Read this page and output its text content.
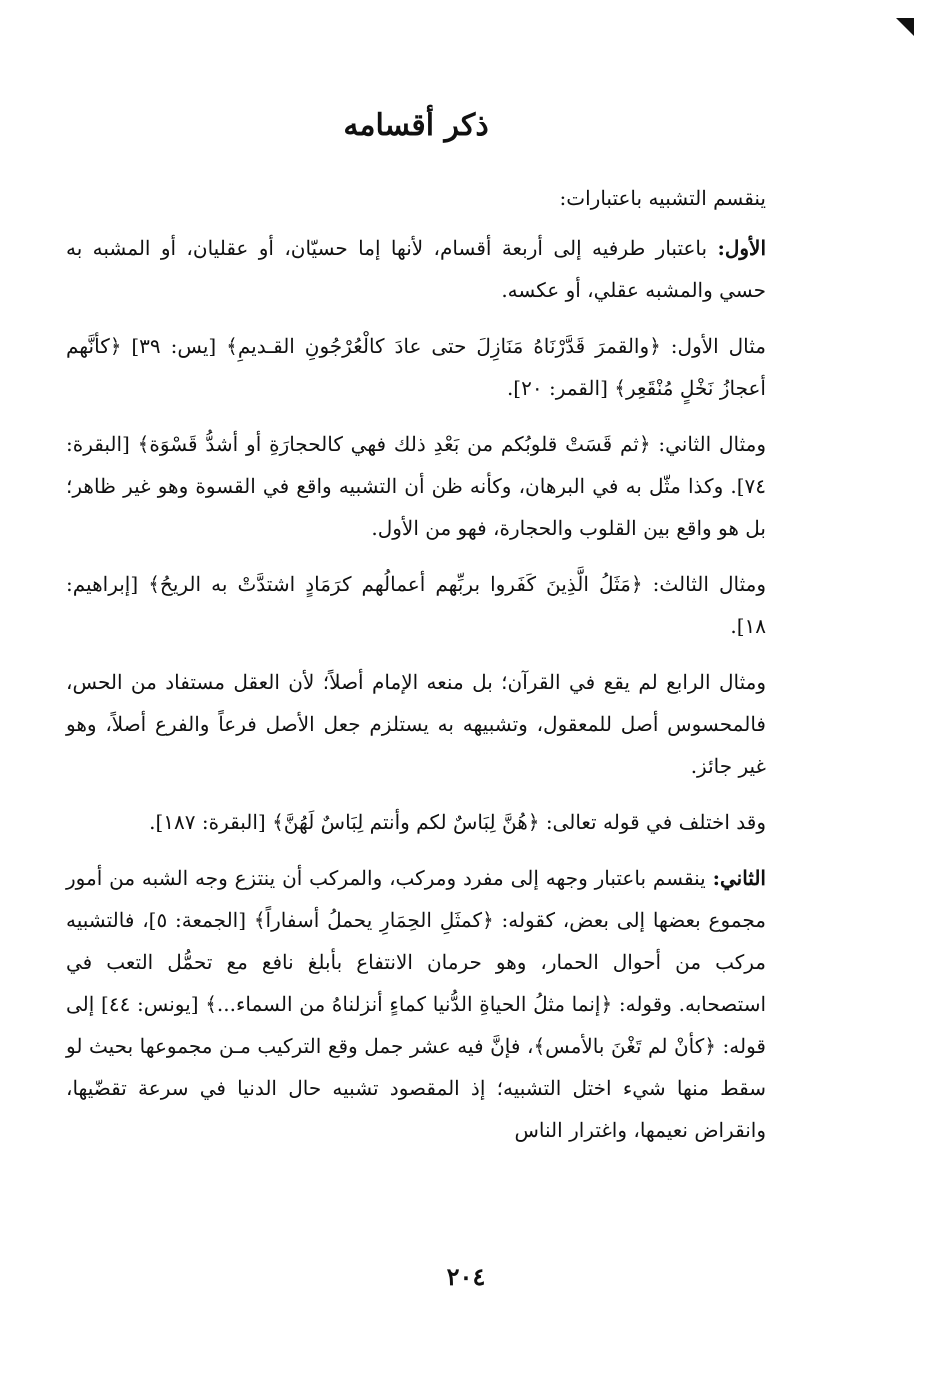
ذكر أقسامه

ينقسم التشبيه باعتبارات:

الأول: باعتبار طرفيه إلى أربعة أقسام، لأنها إما حسيّان، أو عقليان، أو المشبه به حسي والمشبه عقلي، أو عكسه.

مثال الأول: ﴿والقمرَ قَدَّرْنَاهُ مَنَازِلَ حتى عادَ كالْعُرْجُونِ القـديمِ﴾ [يس: ٣٩] ﴿كأنَّهم أعجازُ نَخْلٍ مُنْقَعِر﴾ [القمر: ٢٠].

ومثال الثاني: ﴿ثم قَسَتْ قلوبُكم من بَعْدِ ذلك فهي كالحجارَةِ أو أشدُّ قَسْوَة﴾ [البقرة: ٧٤]. وكذا مثّل به في البرهان، وكأنه ظن أن التشبيه واقع في القسوة وهو غير ظاهر؛ بل هو واقع بين القلوب والحجارة، فهو من الأول.

ومثال الثالث: ﴿مَثَلُ الَّذِينَ كَفَروا بربِّهم أعمالُهم كرَمَادٍ اشتدَّتْ به الريحُ﴾ [إبراهيم: ١٨].

ومثال الرابع لم يقع في القرآن؛ بل منعه الإمام أصلاً؛ لأن العقل مستفاد من الحس، فالمحسوس أصل للمعقول، وتشبيهه به يستلزم جعل الأصل فرعاً والفرع أصلاً، وهو غير جائز.

وقد اختلف في قوله تعالى: ﴿هُنَّ لِبَاسٌ لكم وأنتم لِبَاسٌ لَهُنَّ﴾ [البقرة: ١٨٧].

الثاني: ينقسم باعتبار وجهه إلى مفرد ومركب، والمركب أن ينتزع وجه الشبه من أمور مجموع بعضها إلى بعض، كقوله: ﴿كمثَلِ الحِمَارِ يحملُ أسفاراً﴾ [الجمعة: ٥]، فالتشبيه مركب من أحوال الحمار، وهو حرمان الانتفاع بأبلغ نافع مع تحمُّل التعب في استصحابه. وقوله: ﴿إنما مثلُ الحياةِ الدُّنيا كماءٍ أنزلناهُ من السماء...﴾ [يونس: ٤٤] إلى قوله: ﴿كأنْ لم تَغْنَ بالأمس﴾، فإنَّ فيه عشر جمل وقع التركيب مـن مجموعها بحيث لو سقط منها شيء اختل التشبيه؛ إذ المقصود تشبيه حال الدنيا في سرعة تقضّيها، وانقراض نعيمها، واغترار الناس

٢٠٤
